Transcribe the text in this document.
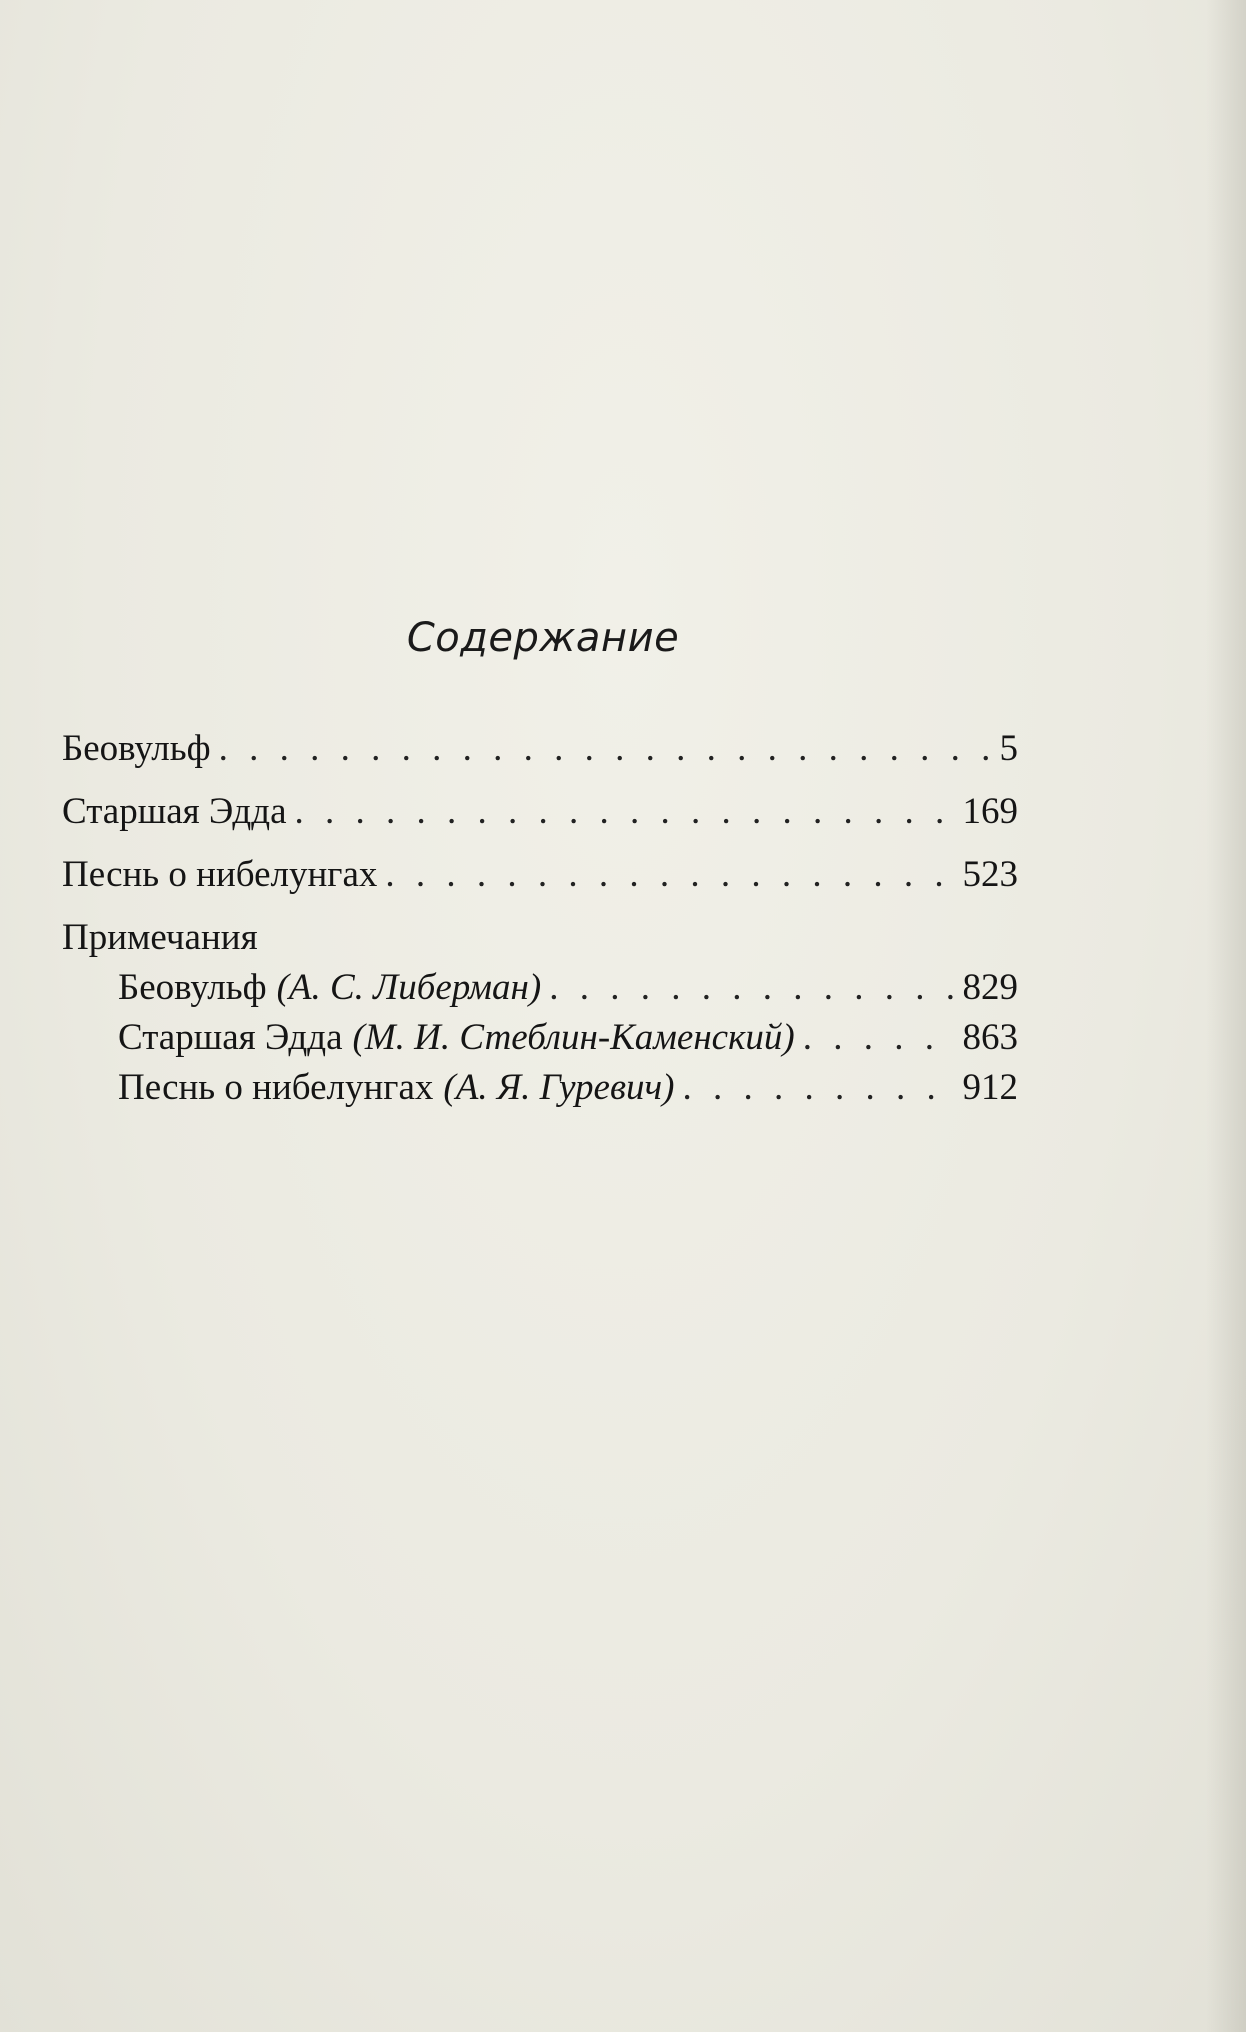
Содержание
Беовульф . . .	5
Старшая Эдда . . .	169
Песнь о нибелунгах . . .	523
Примечания
Беовульф (А. С. Либерман) . . .	829
Старшая Эдда (М. И. Стеблин-Каменский) . . .	863
Песнь о нибелунгах (А. Я. Гуревич) . . .	912
